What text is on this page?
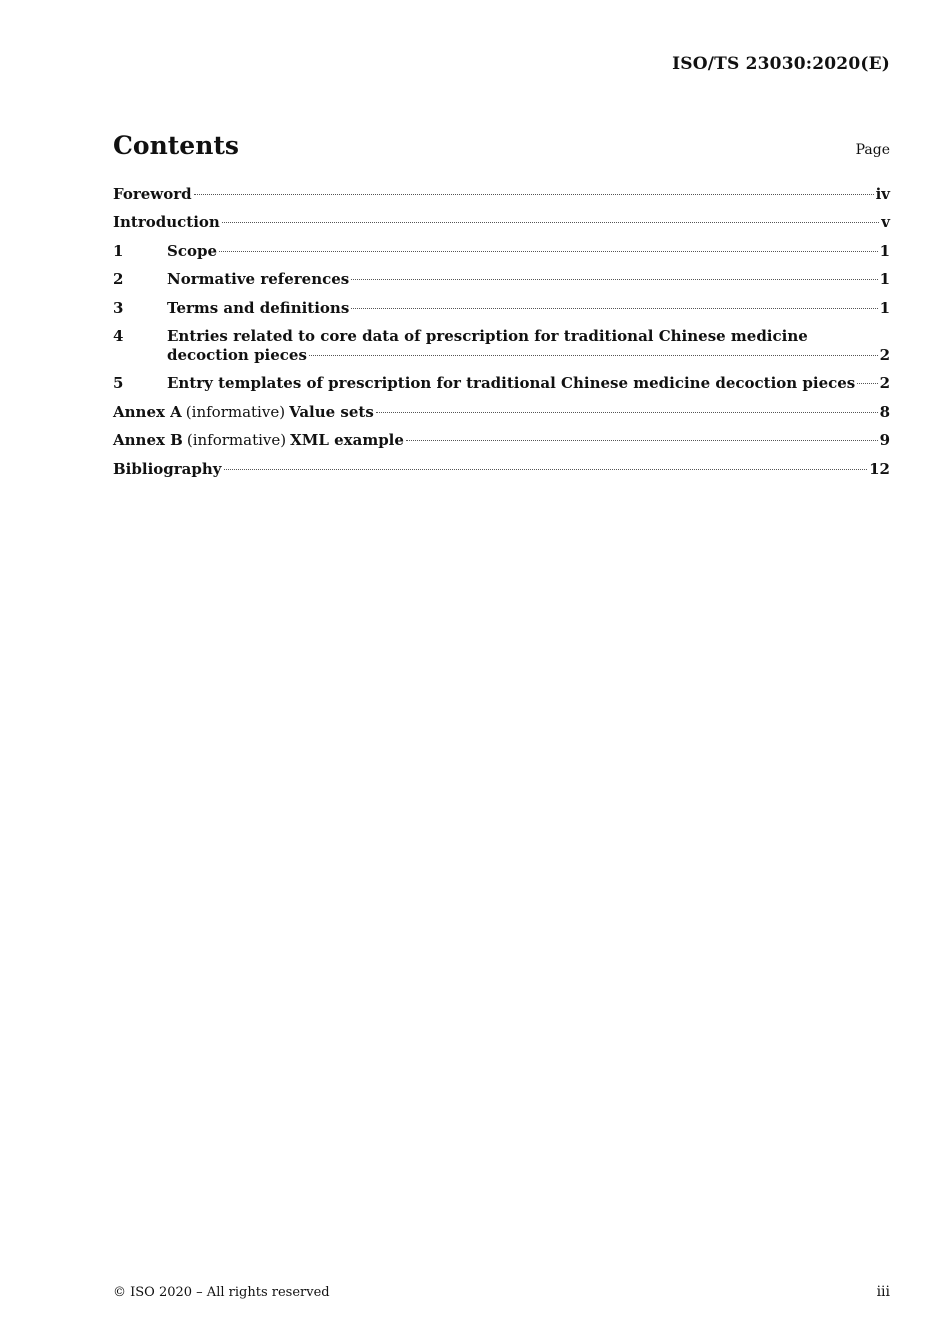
ISO/TS 23030:2020(E)
Contents	Page
Foreword	iv
Introduction	v
1	Scope	1
2	Normative references	1
3	Terms and definitions	1
4	Entries related to core data of prescription for traditional Chinese medicine
decoction pieces	2
5	Entry templates of prescription for traditional Chinese medicine decoction pieces 2
Annex A (informative) Value sets	8
Annex B (informative) XML example	9
Bibliography	12
© ISO 2020 – All rights reserved	iii
